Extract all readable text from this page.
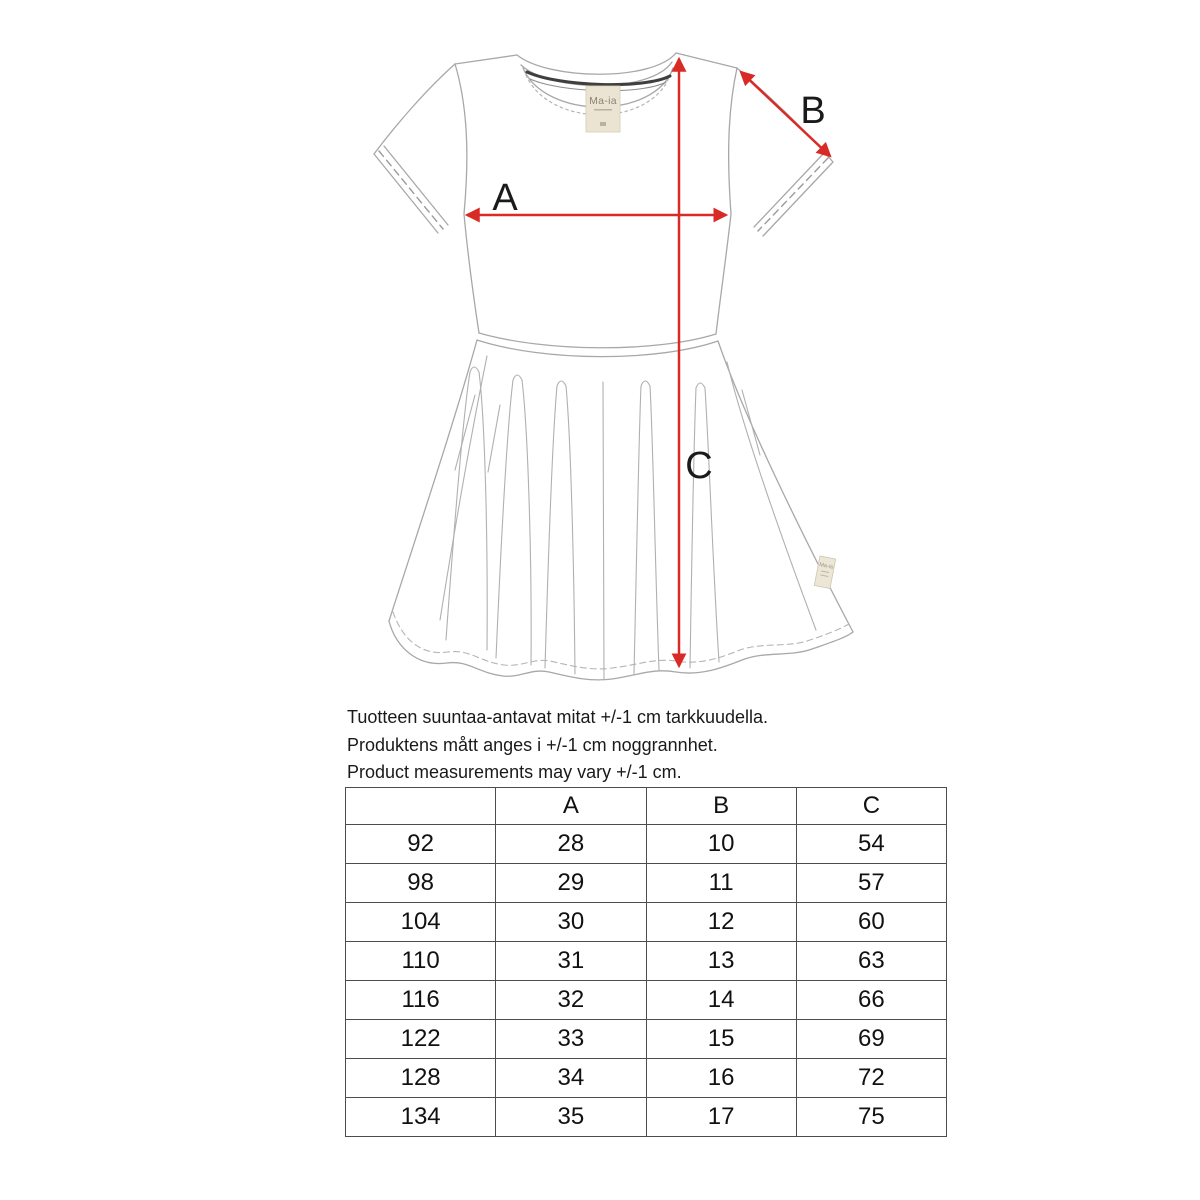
Ma-ia
Ma-ia
A
B
C

Tuotteen suuntaa-antavat mitat +/-1 cm tarkkuudella.

Produktens mått anges i +/-1 cm noggrannhet.

Product measurements may vary +/-1 cm.

	A	B	C
92	28	10	54
98	29	11	57
104	30	12	60
110	31	13	63
116	32	14	66
122	33	15	69
128	34	16	72
134	35	17	75
